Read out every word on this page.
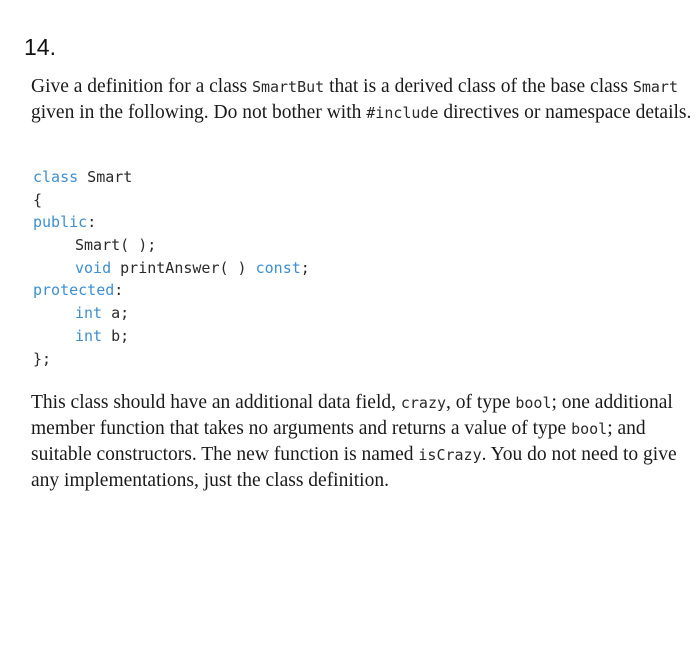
14.

Give a definition for a class SmartBut that is a derived class of the base class Smart given in the following. Do not bother with #include directives or namespace details.

class Smart
{
public:
Smart( );
void printAnswer( ) const;
protected:
int a;
int b;
};

This class should have an additional data field, crazy, of type bool; one additional member function that takes no arguments and returns a value of type bool; and suitable constructors. The new function is named isCrazy. You do not need to give any implementations, just the class definition.
